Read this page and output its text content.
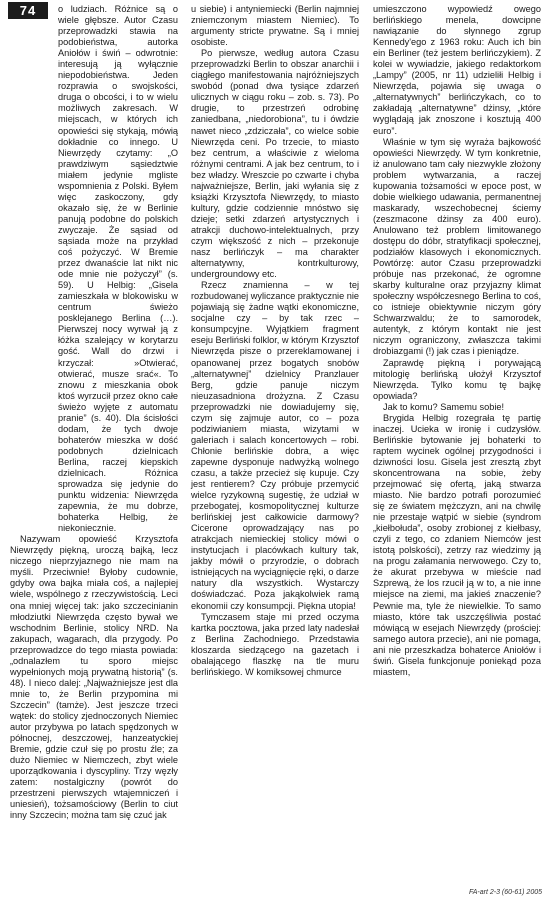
74	o ludziach. Różnice są o wiele głębsze. Autor Czasu przeprowadzki stawia na podobieństwa, autorka Aniołów i świń – odwrotnie: interesują ją wyłącznie niepodobieństwa. Jeden rozprawia o swojskości, druga o obcości, i to w wielu możliwych zakresach. W miejscach, w których ich opowieści się stykają, mówią dokładnie co innego. U Niewrzędy czytamy: „O prawdziwym sąsiedztwie miałem jedynie mgliste wspomnienia z Polski. Byłem więc zaskoczony, gdy okazało się, że w Berlinie panują podobne do polskich zwyczaje. Że sąsiad od sąsiada może na przykład coś pożyczyć. W Bremie przez dwanaście lat nikt nic ode mnie nie pożyczył” (s. 59). U Helbig: „Gisela zamieszkała w blokowisku w centrum świeżo posklejanego Berlina (…). Pierwszej nocy wyrwał ją z łóżka szalejący w korytarzu gość. Wall do drzwi i krzyczał: »Otwierać, otwierać, musze srać«. To znowu z mieszkania obok ktoś wyrzucił przez okno całe świeżo wyjęte z automatu pranie” (s. 40). Dla ścisłości dodam, że tych dwoje bohaterów mieszka w dość podobnych dzielnicach Berlina, raczej kiepskich dzielnicach. Różnica sprowadza się jedynie do punktu widzenia: Niewrzęda zapewnia, że mu dobrze, bohaterka Helbig, że niekoniecznie.

Nazywam opowieść Krzysztofa Niewrzędy piękną, uroczą bajką, lecz niczego nieprzyjaznego nie mam na myśli. Przeciwnie! Byłoby cudownie, gdyby owa bajka miała coś, a najlepiej wiele, wspólnego z rzeczywistością. Leci ona mniej więcej tak: jako szczecinianin młodziutki Niewrzęda często bywał we wschodnim Berlinie, stolicy NRD. Na zakupach, wagarach, dla przygody. Po przeprowadzce do tego miasta powiada: „odnalazłem tu sporo miejsc wypełnionych moją prywatną historią” (s. 48). I nieco dalej: „Najważniejsze jest dla mnie to, że Berlin przypomina mi Szczecin” (tamże). Jest jeszcze trzeci wątek: do stolicy zjednoczonych Niemiec autor przybywa po latach spędzonych w północnej, deszczowej, hanzeatyckiej Bremie, gdzie czuł się po prostu źle; za dużo Niemiec w Niemczech, zbyt wiele uporządkowania i dyscypliny. Trzy węzły zatem: nostalgiczny (powrót do przestrzeni pierwszych wtajemniczeń i uniesień), tożsamościowy (Berlin to ciut inny Szczecin; można tam się czuć jak

u siebie) i antyniemiecki (Berlin najmniej zniemczonym miastem Niemiec). To argumenty stricte prywatne. Są i mniej osobiste.

Po pierwsze, według autora Czasu przeprowadzki Berlin to obszar anarchii i ciągłego manifestowania najróżniejszych swobód (ponad dwa tysiące zdarzeń ulicznych w ciągu roku – zob. s. 73). Po drugie, to przestrzeń odrobinę zaniedbana, „niedorobiona”, tu i ówdzie nawet nieco „zdziczała”, co wielce sobie Niewrzęda ceni. Po trzecie, to miasto bez centrum, a właściwie z wieloma różnymi centrami. A jak bez centrum, to i bez władzy. Wreszcie po czwarte i chyba najważniejsze, Berlin, jaki wyłania się z książki Krzysztofa Niewrzędy, to miasto kultury, gdzie codziennie mnóstwo się dzieje; setki zdarzeń artystycznych i atrakcji duchowo-intelektualnych, przy czym większość z nich – przekonuje nasz berlińczyk – ma charakter alternatywny, kontrkulturowy, undergroundowy etc.

Rzecz znamienna – w tej rozbudowanej wyliczance praktycznie nie pojawiają się żadne wątki ekonomiczne, socjalne czy – by tak rzec – konsumpcyjne. Wyjątkiem fragment eseju Berliński folklor, w którym Krzysztof Niewrzęda pisze o przereklamowanej i opanowanej przez bogatych snobów „alternatywnej” dzielnicy Pranzlauer Berg, gdzie panuje niczym nieuzasadniona drożyzna. Z Czasu przeprowadzki nie dowiadujemy się, czym się zajmuje autor, co – poza podziwianiem miasta, wizytami w galeriach i salach koncertowych – robi. Chłonie berlińskie dobra, a więc zapewne dysponuje nadwyżką wolnego czasu, a także przecież się kupuje. Czy jest rentierem? Czy próbuje przemycić wielce ryzykowną sugestię, że udział w przebogatej, kosmopolitycznej kulturze berlińskiej jest całkowicie darmowy? Cicerone oprowadzający nas po atrakcjach niemieckiej stolicy mówi o instytucjach i placówkach kultury tak, jakby mówił o przyrodzie, o dobrach istniejących na wyciągnięcie ręki, o darze natury dla wszystkich. Wystarczy doświadczać. Poza jakąkolwiek ramą ekonomii czy konsumpcji. Piękna utopia!

Tymczasem staje mi przed oczyma kartka pocztowa, jaka przed laty nadesłał z Berlina Zachodniego. Przedstawia kloszarda siedzącego na gazetach i obalającego flaszkę na tle muru berlińskiego. W komiksowej chmurce

umieszczono wypowiedź owego berlińskiego menela, dowcipne nawiązanie do słynnego zgrup Kennedy'ego z 1963 roku: Auch ich bin ein Berliner (też jestem berlińczykiem). Z kolei w wywiadzie, jakiego redaktorkom „Lampy” (2005, nr 11) udzieliłi Helbig i Niewrzęda, pojawia się uwaga o „alternatywnych” berlińczykach, co to zakładają „alternatywne” dżinsy, „które wyglądają jak znoszone i kosztują 400 euro”.

Właśnie w tym się wyraża bajkowość opowieści Niewrzędy. W tym konkretnie, iż anulowano tam cały niezwykle złożony problem wytwarzania, a raczej kupowania tożsamości w epoce post, w dobie wielkiego udawania, permanentnej maskarady, wszechobecnej ściemy (zeszmacone dżinsy za 400 euro). Anulowano też problem limitowanego dostępu do dóbr, stratyfikacji społecznej, podziałów klasowych i ekonomicznych. Powtórzę: autor Czasu przeprowadzki próbuje nas przekonać, że ogromne skarby kulturalne oraz przyjazny klimat społeczny współczesnego Berlina to coś, co istnieje obiektywnie niczym góry Schwarzwaldu; że to samorodek, autentyk, z którym kontakt nie jest niczym ograniczony, zwłaszcza takimi drobiazgami (!) jak czas i pieniądze.

Zaprawdę piękną i porywającą mitologię berlińską ułożył Krzysztof Niewrzęda. Tylko komu tę bajkę opowiada?

Jak to komu? Samemu sobie!

Brygida Helbig rozegrała tę partię inaczej. Ucieka w ironię i cudzysłów. Berlińskie bytowanie jej bohaterki to raptem wycinek ogólnej przygodności i dziwności losu. Gisela jest zresztą zbyt skoncentrowana na sobie, żeby przejmować się ofertą, jaką stwarza miasto. Nie bardzo potrafi porozumieć się ze światem mężczyzn, ani na chwilę nie przestaje wątpić w siebie (syndrom „kiełbołuda”, osoby zrobionej z kiełbasy, czyli z tego, co zdaniem Niemców jest istotą polskości), zetrzy raz wiedzimy ją na progu załamania nerwowego. Czy to, że akurat przebywa w mieście nad Szprewą, że los rzucił ją w to, a nie inne miejsce na ziemi, ma jakieś znaczenie? Pewnie ma, tyle że niewielkie. To samo miasto, które tak uszczęśliwia postać mówiącą w esejach Niewrzędy (prościej: samego autora przecie), ani nie pomaga, ani nie przeszkadza bohaterce Aniołów i świń. Gisela funkcjonuje poniekąd poza miastem,

FA-art 2-3 (60-61) 2005
